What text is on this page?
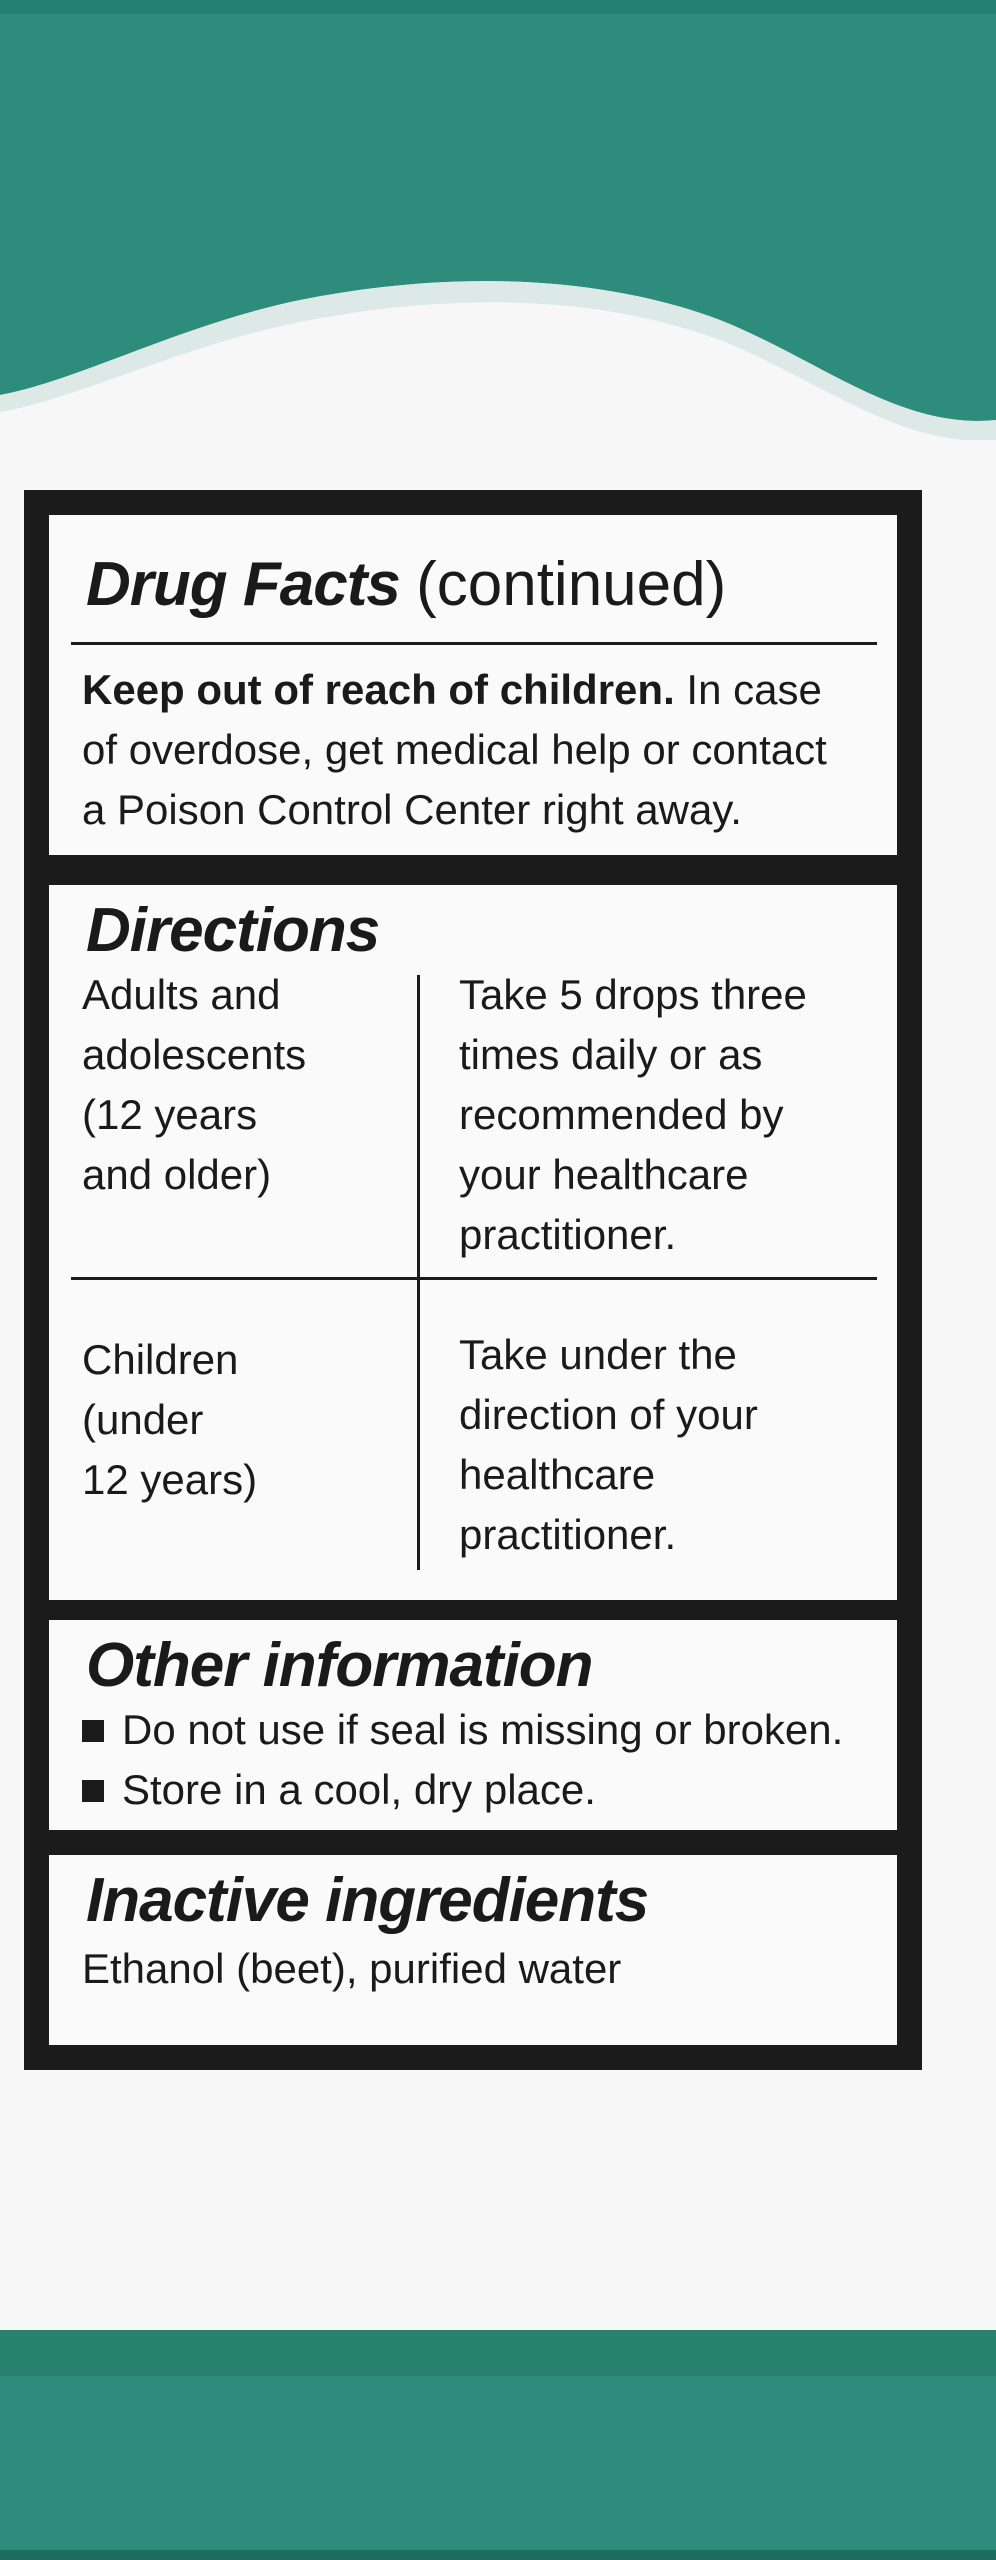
Drug Facts (continued)
Keep out of reach of children. In case
of overdose, get medical help or contact
a Poison Control Center right away.
Directions
Adults and
adolescents
(12 years
and older)
Take 5 drops three
times daily or as
recommended by
your healthcare
practitioner.
Children
(under
12 years)
Take under the
direction of your
healthcare
practitioner.
Other information
Do not use if seal is missing or broken.
Store in a cool, dry place.
Inactive ingredients
Ethanol (beet), purified water
